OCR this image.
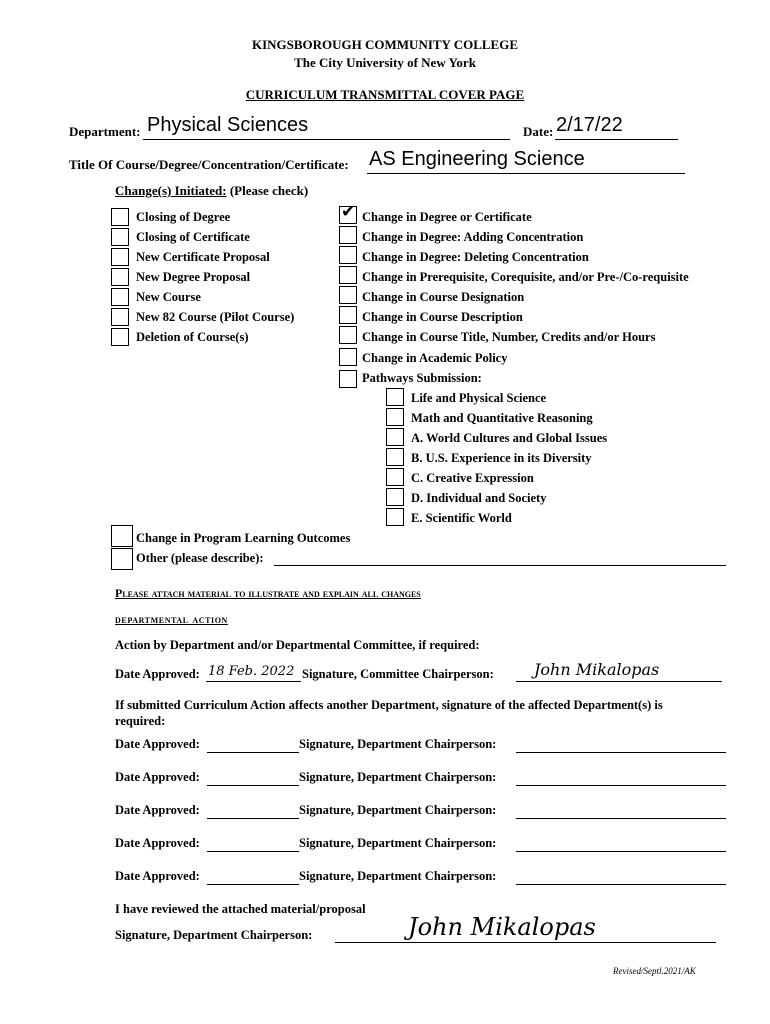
KINGSBOROUGH COMMUNITY COLLEGE
The City University of New York
CURRICULUM TRANSMITTAL COVER PAGE
Department: Physical Sciences	Date: 2/17/22
Title Of Course/Degree/Concentration/Certificate: AS Engineering Science
Change(s) Initiated: (Please check)
Closing of Degree
Closing of Certificate
New Certificate Proposal
New Degree Proposal
New Course
New 82 Course (Pilot Course)
Deletion of Course(s)
✔ Change in Degree or Certificate
Change in Degree: Adding Concentration
Change in Degree: Deleting Concentration
Change in Prerequisite, Corequisite, and/or Pre-/Co-requisite
Change in Course Designation
Change in Course Description
Change in Course Title, Number, Credits and/or Hours
Change in Academic Policy
Pathways Submission:
Life and Physical Science
Math and Quantitative Reasoning
A. World Cultures and Global Issues
B. U.S. Experience in its Diversity
C. Creative Expression
D. Individual and Society
E. Scientific World
Change in Program Learning Outcomes
Other (please describe):
Please attach material to illustrate and explain all changes
departmental action
Action by Department and/or Departmental Committee, if required:
Date Approved: 18 Feb. 2022 Signature, Committee Chairperson:	John Mikalopas
If submitted Curriculum Action affects another Department, signature of the affected Department(s) is
required:
Date Approved:	Signature, Department Chairperson:
Date Approved:	Signature, Department Chairperson:
Date Approved:	Signature, Department Chairperson:
Date Approved:	Signature, Department Chairperson:
Date Approved:	Signature, Department Chairperson:
I have reviewed the attached material/proposal
Signature, Department Chairperson:	John Mikalopas
Revised/Septl.2021/AK
